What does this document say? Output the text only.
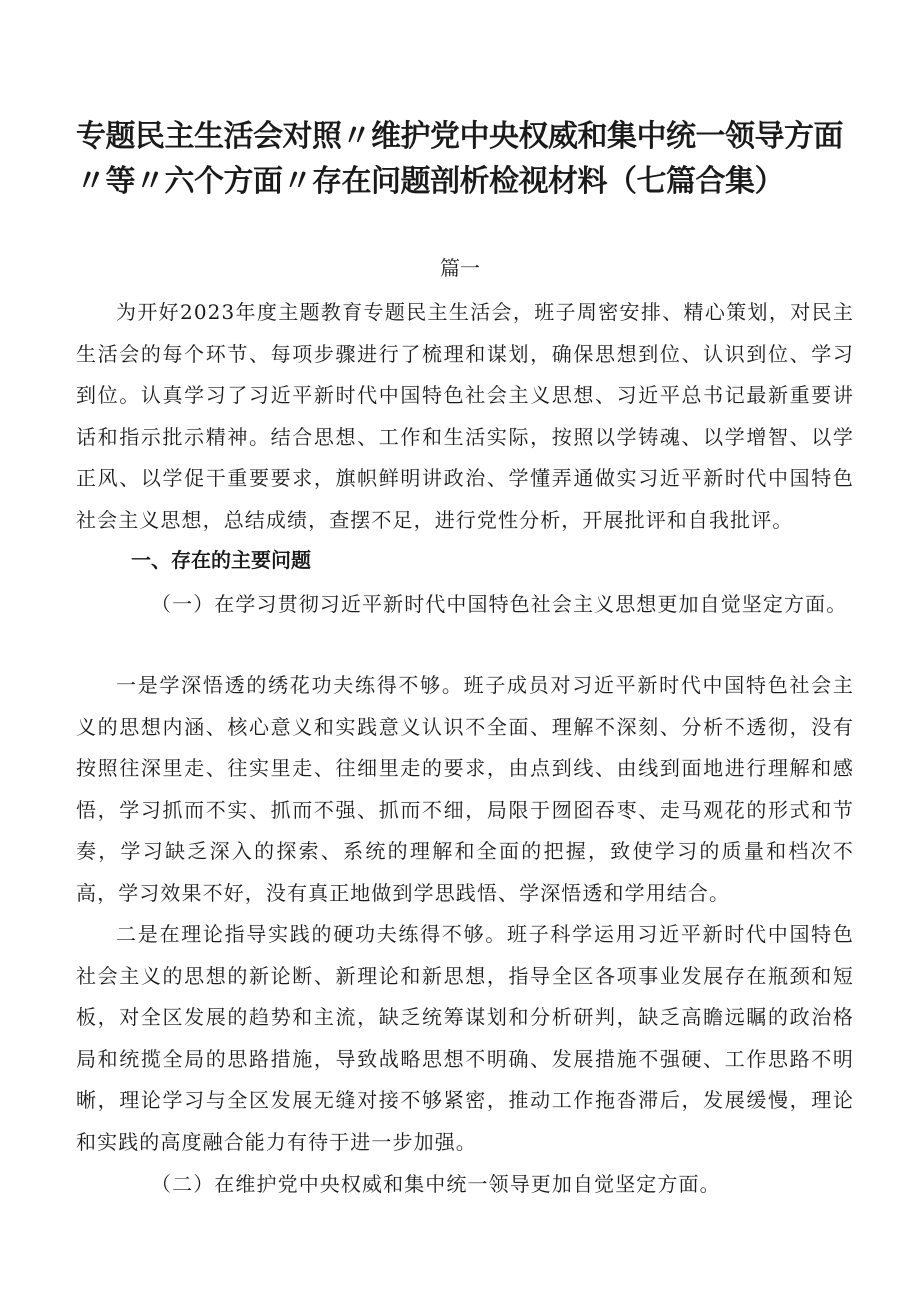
专题民主生活会对照〃维护党中央权威和集中统一领导方面〃等〃六个方面〃存在问题剖析检视材料（七篇合集）
篇一

为开好2023年度主题教育专题民主生活会，班子周密安排、精心策划，对民主生活会的每个环节、每项步骤进行了梳理和谋划，确保思想到位、认识到位、学习到位。认真学习了习近平新时代中国特色社会主义思想、习近平总书记最新重要讲话和指示批示精神。结合思想、工作和生活实际，按照以学铸魂、以学增智、以学正风、以学促干重要要求，旗帜鲜明讲政治、学懂弄通做实习近平新时代中国特色社会主义思想，总结成绩，查摆不足，进行党性分析，开展批评和自我批评。

一、存在的主要问题

（一）在学习贯彻习近平新时代中国特色社会主义思想更加自觉坚定方面。

一是学深悟透的绣花功夫练得不够。班子成员对习近平新时代中国特色社会主义的思想内涵、核心意义和实践意义认识不全面、理解不深刻、分析不透彻，没有按照往深里走、往实里走、往细里走的要求，由点到线、由线到面地进行理解和感悟，学习抓而不实、抓而不强、抓而不细，局限于囫囵吞枣、走马观花的形式和节奏，学习缺乏深入的探索、系统的理解和全面的把握，致使学习的质量和档次不高，学习效果不好，没有真正地做到学思践悟、学深悟透和学用结合。

二是在理论指导实践的硬功夫练得不够。班子科学运用习近平新时代中国特色社会主义的思想的新论断、新理论和新思想，指导全区各项事业发展存在瓶颈和短板，对全区发展的趋势和主流，缺乏统筹谋划和分析研判，缺乏高瞻远瞩的政治格局和统揽全局的思路措施，导致战略思想不明确、发展措施不强硬、工作思路不明晰，理论学习与全区发展无缝对接不够紧密，推动工作拖沓滞后，发展缓慢，理论和实践的高度融合能力有待于进一步加强。

（二）在维护党中央权威和集中统一领导更加自觉坚定方面。
